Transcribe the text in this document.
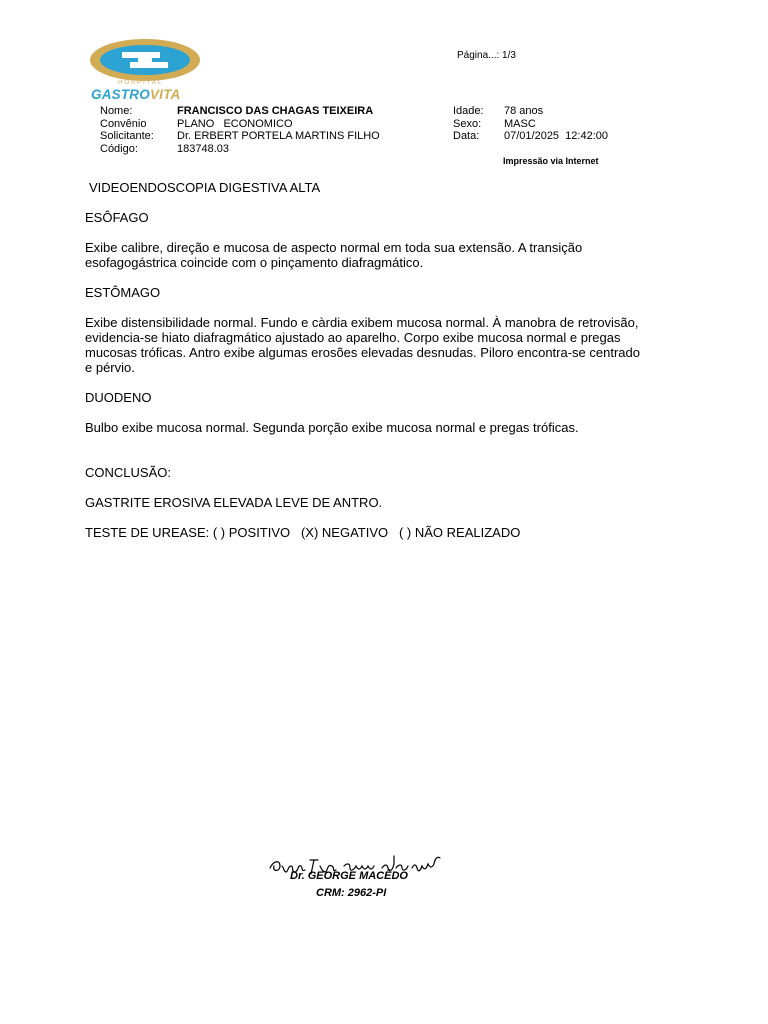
HOSPITAL
GASTROVITA
Página...: 1/3
Nome:
Convênio
Solicitante:
Código:
FRANCISCO DAS CHAGAS TEIXEIRA
PLANO   ECONOMICO
Dr. ERBERT PORTELA MARTINS FILHO
183748.03
Idade:
Sexo:
Data:
78 anos
MASC
07/01/2025  12:42:00
Impressão via Internet

VIDEOENDOSCOPIA DIGESTIVA ALTA

ESÔFAGO

Exibe calibre, direção e mucosa de aspecto normal em toda sua extensão. A transição esofagogástrica coincide com o pinçamento diafragmático.

ESTÔMAGO

Exibe distensibilidade normal. Fundo e càrdia exibem mucosa normal. À manobra de retrovisão, evidencia-se hiato diafragmático ajustado ao aparelho. Corpo exibe mucosa normal e pregas mucosas tróficas. Antro exibe algumas erosões elevadas desnudas. Piloro encontra-se centrado e pérvio.

DUODENO

Bulbo exibe mucosa normal. Segunda porção exibe mucosa normal e pregas tróficas.

CONCLUSÃO:

GASTRITE EROSIVA ELEVADA LEVE DE ANTRO.

TESTE DE UREASE: ( ) POSITIVO   (X) NEGATIVO   ( ) NÃO REALIZADO

Dr. GEORGE MACÊDO
CRM: 2962-PI
